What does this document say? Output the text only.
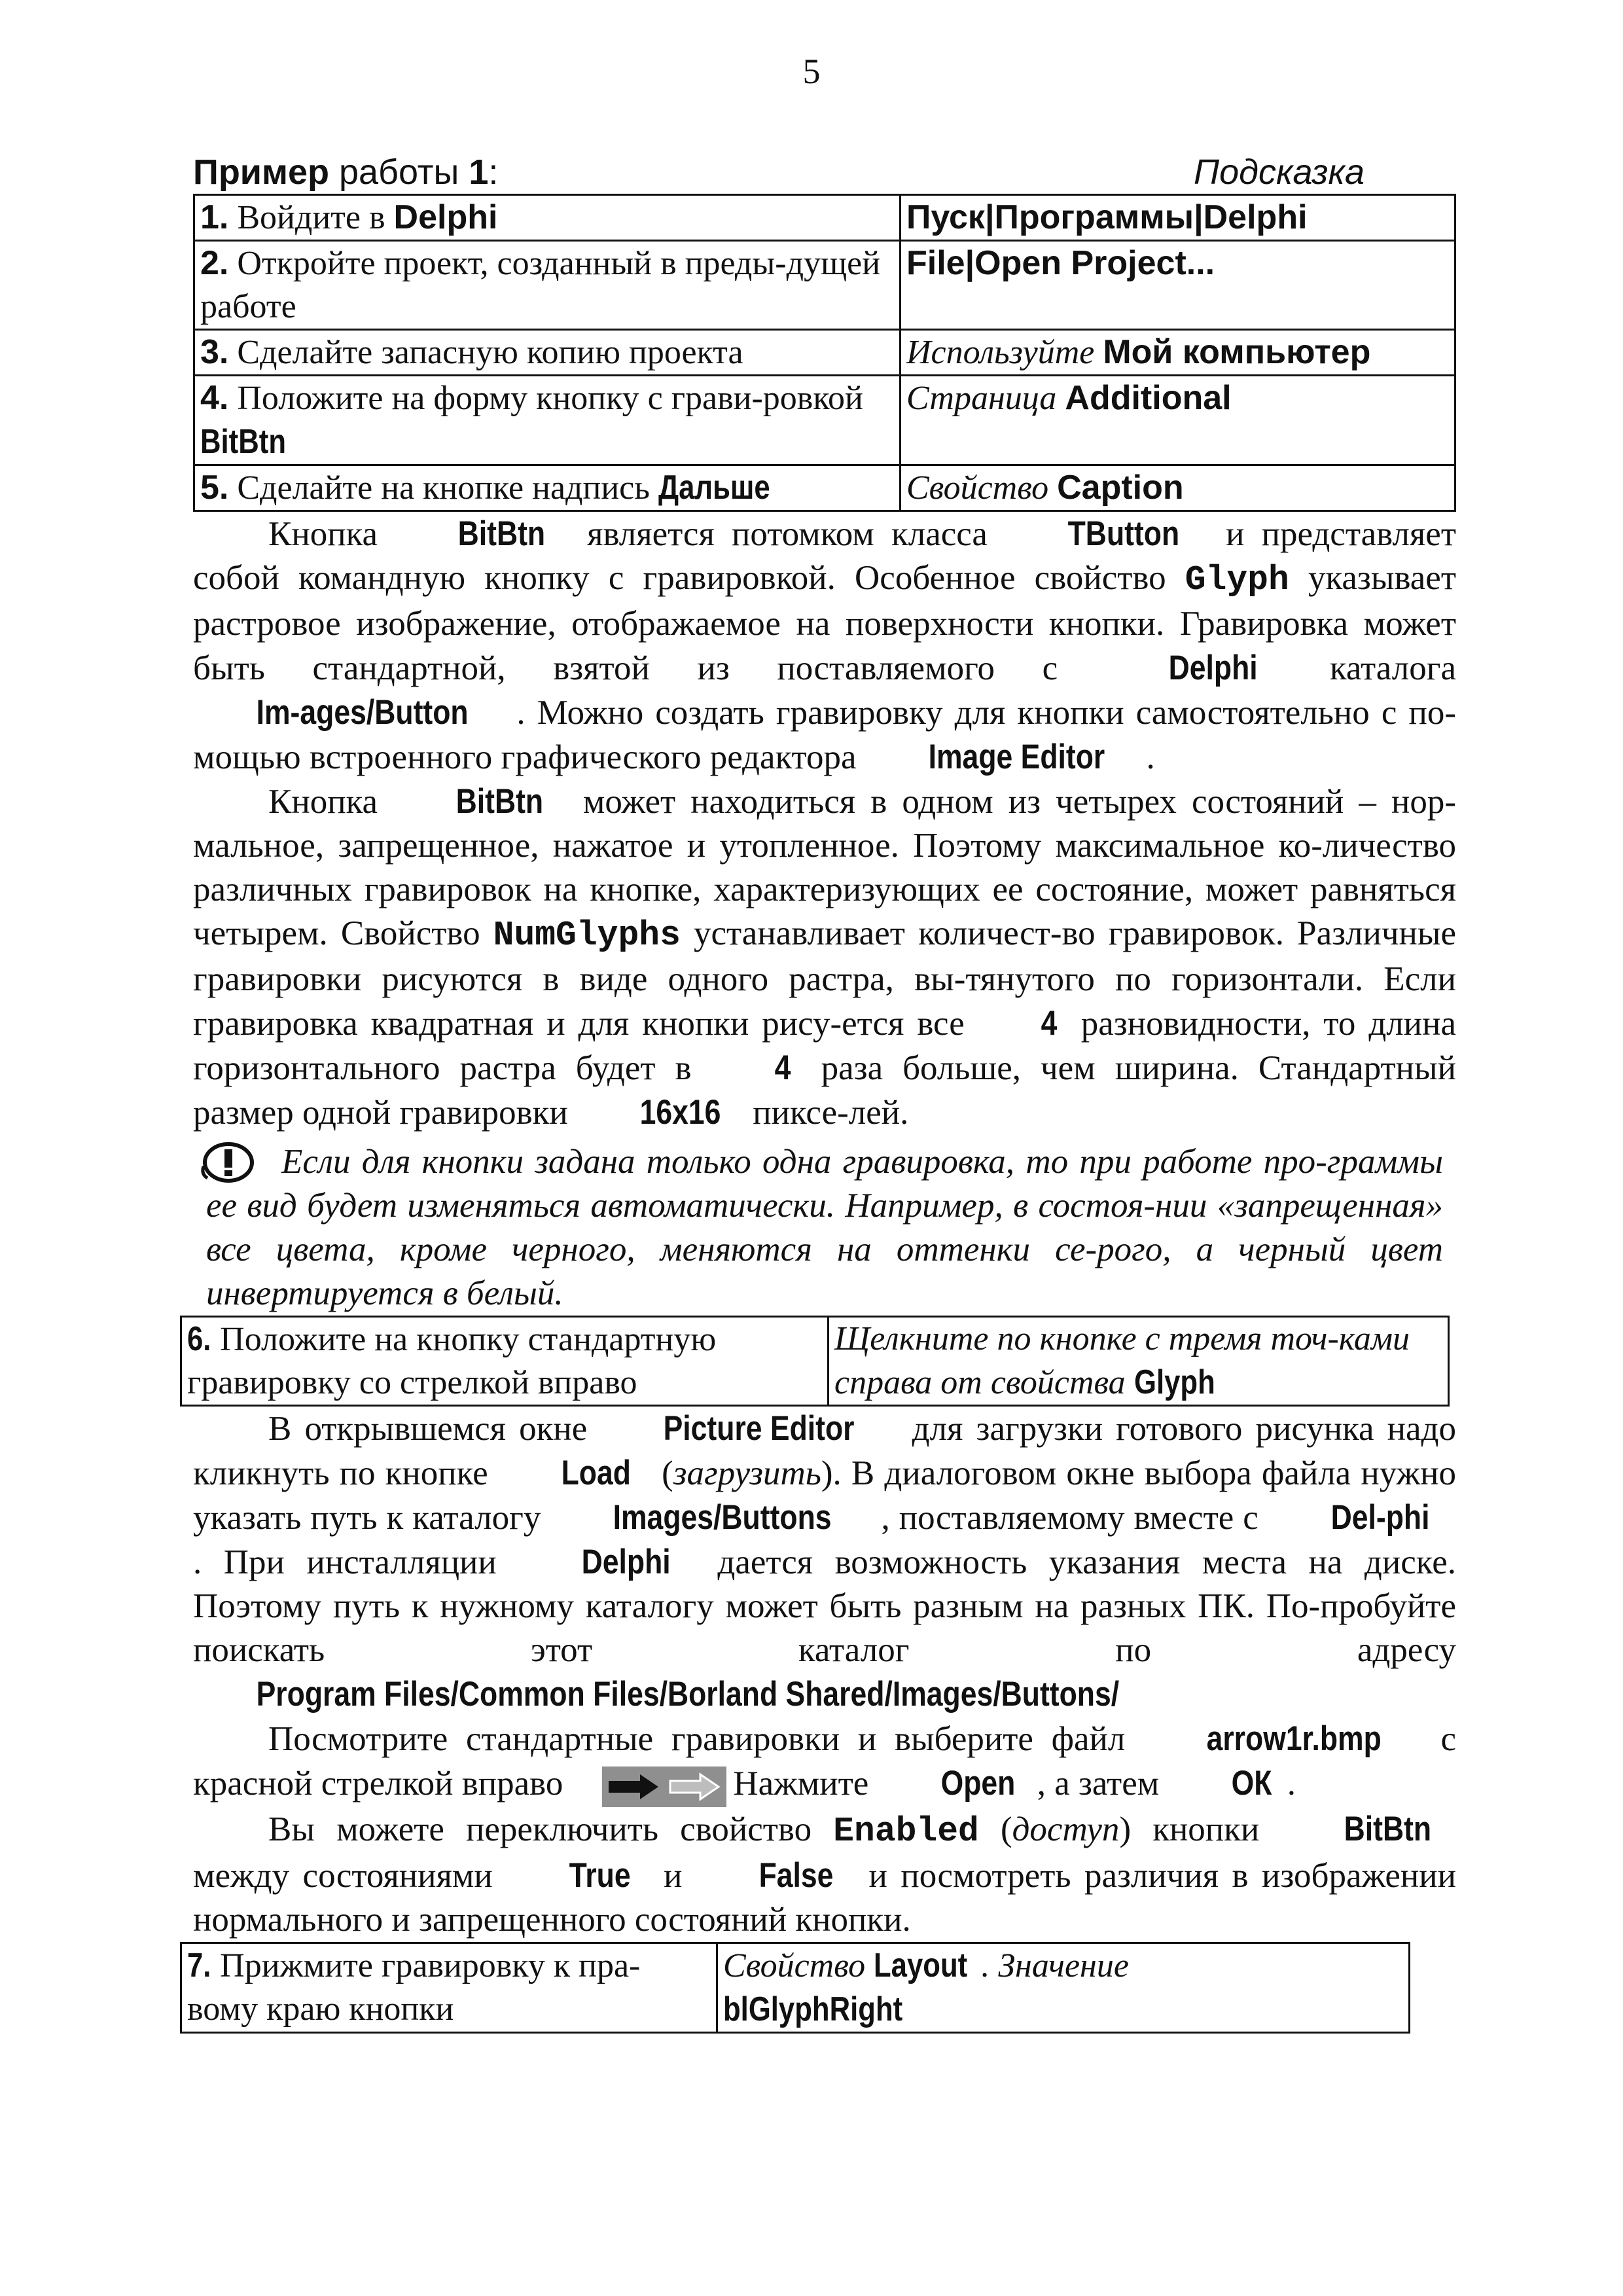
5
Пример работы 1:	Подсказка
1. Войдите в Delphi	Пуск|Программы|Delphi
2. Откройте проект, созданный в преды-дущей работе	File|Open Project...
3. Сделайте запасную копию проекта	Используйте Мой компьютер
4. Положите на форму кнопку с грави-ровкой BitBtn	Страница Additional
5. Сделайте на кнопке надпись Дальше	Свойство Caption

Кнопка BitBtn является потомком класса TButton и представляет собой командную кнопку с гравировкой. Особенное свойство Glyph указывает растровое изображение, отображаемое на поверхности кнопки. Гравировка может быть стандартной, взятой из поставляемого с Delphi каталога Im-ages/Button . Можно создать гравировку для кнопки самостоятельно с по-мощью встроенного графического редактора Image Editor .

Кнопка BitBtn может находиться в одном из четырех состояний – нор-мальное, запрещенное, нажатое и утопленное. Поэтому максимальное ко-личество различных гравировок на кнопке, характеризующих ее состояние, может равняться четырем. Свойство NumGlyphs устанавливает количест-во гравировок. Различные гравировки рисуются в виде одного растра, вы-тянутого по горизонтали. Если гравировка квадратная и для кнопки рису-ется все 4 разновидности, то длина горизонтального растра будет в 4 раза больше, чем ширина. Стандартный размер одной гравировки 16x16 пиксе-лей.

Если для кнопки задана только одна гравировка, то при работе про-граммы ее вид будет изменяться автоматически. Например, в состоя-нии «запрещенная» все цвета, кроме черного, меняются на оттенки се-рого, а черный цвет инвертируется в белый.
6. Положите на кнопку стандартную гравировку со стрелкой вправо	Щелкните по кнопке с тремя точ-ками справа от свойства Glyph

В открывшемся окне Picture Editor для загрузки готового рисунка надо кликнуть по кнопке Load (загрузить). В диалоговом окне выбора файла нужно указать путь к каталогу Images/Buttons , поставляемому вместе с Del-phi. При инсталляции Delphi дается возможность указания места на диске. Поэтому путь к нужному каталогу может быть разным на разных ПК. По-пробуйте поискать этот каталог по адресу Program Files/Common Files/Borland Shared/Images/Buttons/

Посмотрите стандартные гравировки и выберите файл arrow1r.bmp с красной стрелкой вправо	Нажмите Open , а затем ОК .

Вы можете переключить свойство Enabled (доступ) кнопки BitBtn между состояниями True и False и посмотреть различия в изображении нормального и запрещенного состояний кнопки.

7. Прижмите гравировку к пра-вому краю кнопки	Свойство Layout . Значение
blGlyphRight
